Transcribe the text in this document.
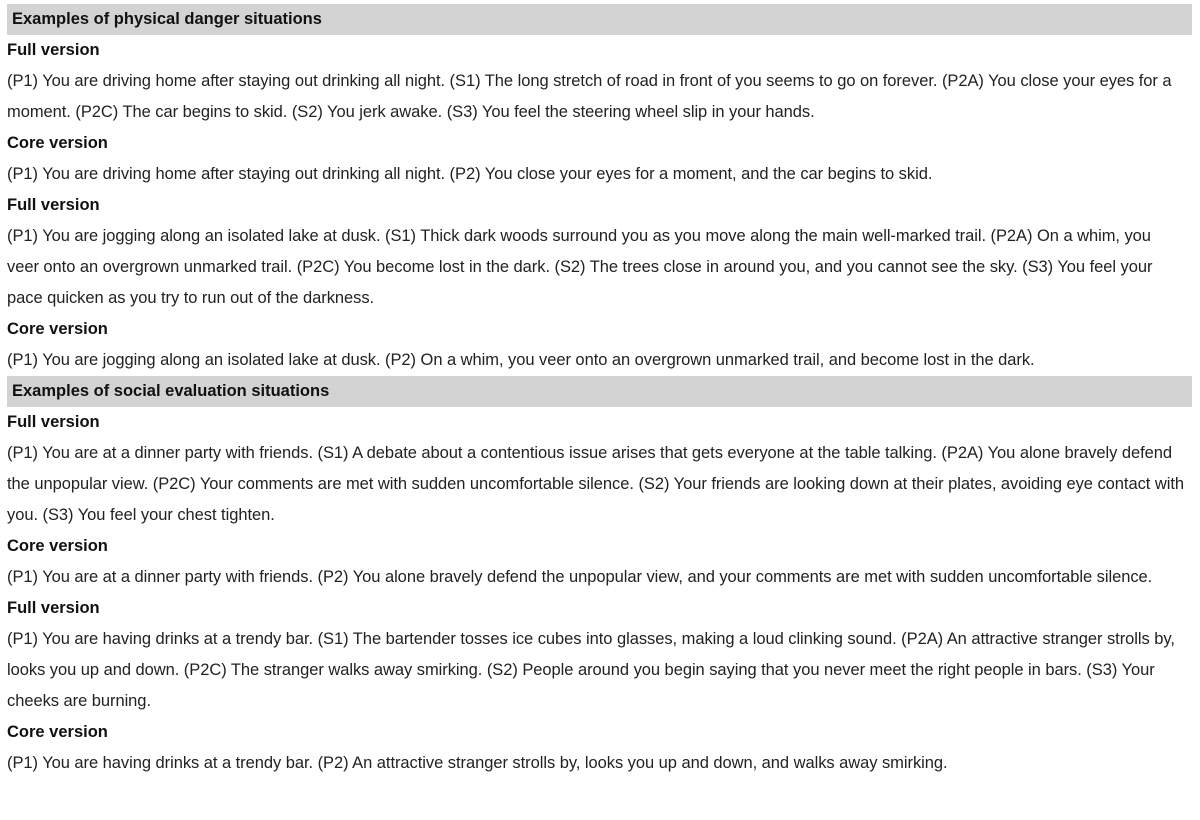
Examples of physical danger situations
Full version
(P1) You are driving home after staying out drinking all night. (S1) The long stretch of road in front of you seems to go on forever. (P2A) You close your eyes for a moment. (P2C) The car begins to skid. (S2) You jerk awake. (S3) You feel the steering wheel slip in your hands.
Core version
(P1) You are driving home after staying out drinking all night. (P2) You close your eyes for a moment, and the car begins to skid.
Full version
(P1) You are jogging along an isolated lake at dusk. (S1) Thick dark woods surround you as you move along the main well-marked trail. (P2A) On a whim, you veer onto an overgrown unmarked trail. (P2C) You become lost in the dark. (S2) The trees close in around you, and you cannot see the sky. (S3) You feel your pace quicken as you try to run out of the darkness.
Core version
(P1) You are jogging along an isolated lake at dusk. (P2) On a whim, you veer onto an overgrown unmarked trail, and become lost in the dark.
Examples of social evaluation situations
Full version
(P1) You are at a dinner party with friends. (S1) A debate about a contentious issue arises that gets everyone at the table talking. (P2A) You alone bravely defend the unpopular view. (P2C) Your comments are met with sudden uncomfortable silence. (S2) Your friends are looking down at their plates, avoiding eye contact with you. (S3) You feel your chest tighten.
Core version
(P1) You are at a dinner party with friends. (P2) You alone bravely defend the unpopular view, and your comments are met with sudden uncomfortable silence.
Full version
(P1) You are having drinks at a trendy bar. (S1) The bartender tosses ice cubes into glasses, making a loud clinking sound. (P2A) An attractive stranger strolls by, looks you up and down. (P2C) The stranger walks away smirking. (S2) People around you begin saying that you never meet the right people in bars. (S3) Your cheeks are burning.
Core version
(P1) You are having drinks at a trendy bar. (P2) An attractive stranger strolls by, looks you up and down, and walks away smirking.
